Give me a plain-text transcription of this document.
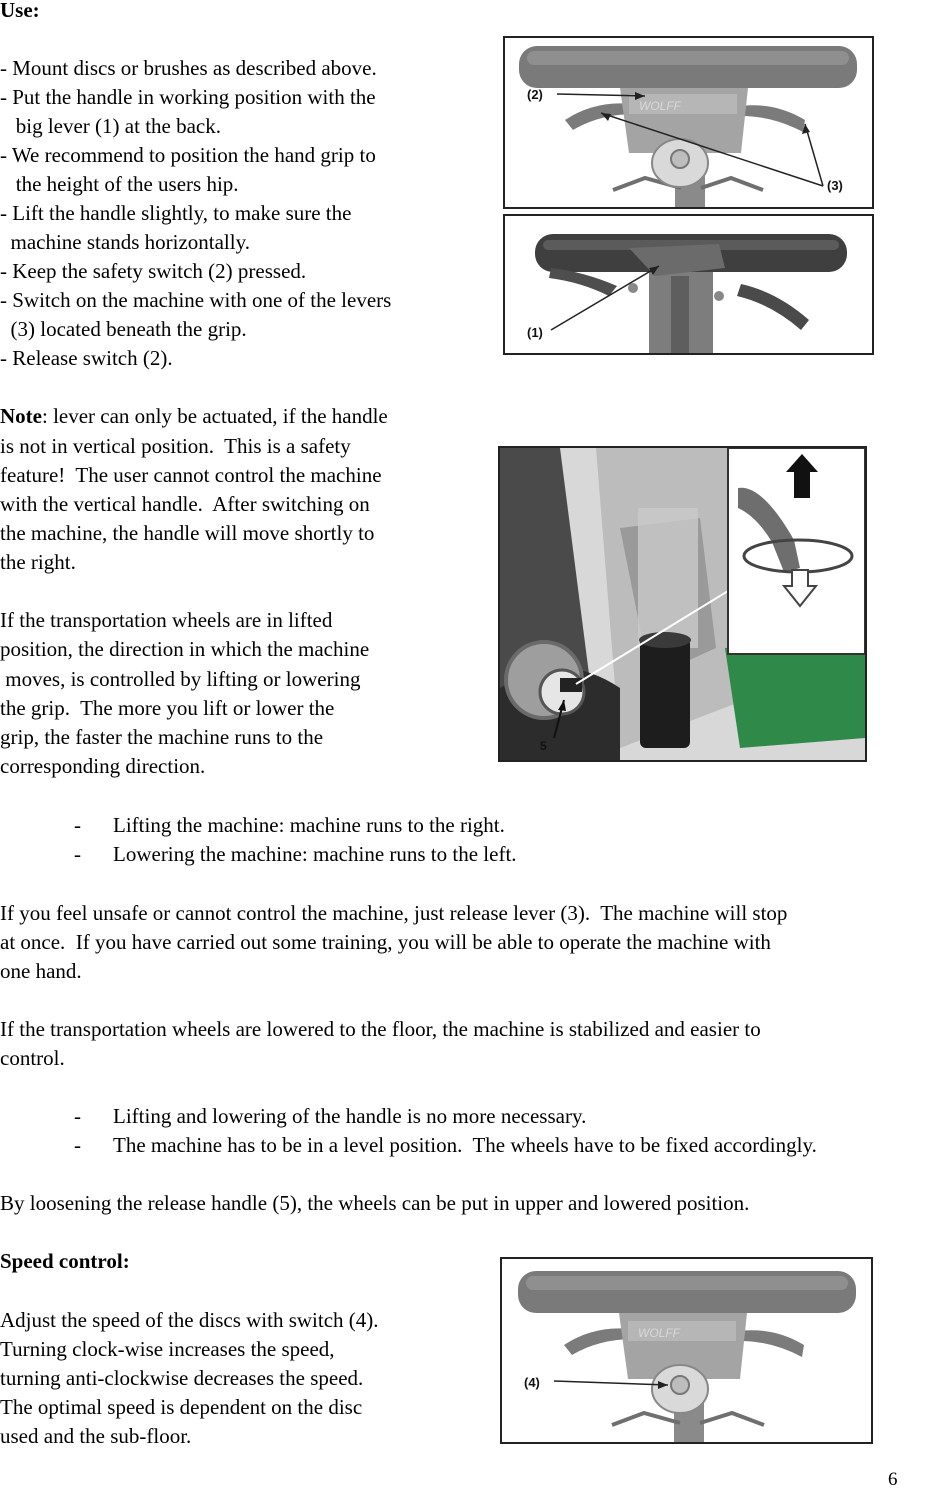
Use:
- Mount discs or brushes as described above.
- Put the handle in working position with the
big lever (1) at the back.
- We recommend to position the hand grip to
the height of the users hip.
- Lift the handle slightly, to make sure the
machine stands horizontally.
- Keep the safety switch (2) pressed.
- Switch on the machine with one of the levers
(3) located beneath the grip.
- Release switch (2).
Note: lever can only be actuated, if the handle
is not in vertical position.  This is a safety
feature!  The user cannot control the machine
with the vertical handle.  After switching on
the machine, the handle will move shortly to
the right.
If the transportation wheels are in lifted
position, the direction in which the machine
moves, is controlled by lifting or lowering
the grip.  The more you lift or lower the
grip, the faster the machine runs to the
corresponding direction.
- Lifting the machine: machine runs to the right.
- Lowering the machine: machine runs to the left.
If you feel unsafe or cannot control the machine, just release lever (3).  The machine will stop
at once.  If you have carried out some training, you will be able to operate the machine with
one hand.
If the transportation wheels are lowered to the floor, the machine is stabilized and easier to
control.
- Lifting and lowering of the handle is no more necessary.
- The machine has to be in a level position.  The wheels have to be fixed accordingly.
By loosening the release handle (5), the wheels can be put in upper and lowered position.
Speed control:
Adjust the speed of the discs with switch (4).
Turning clock-wise increases the speed,
turning anti-clockwise decreases the speed.
The optimal speed is dependent on the disc
used and the sub-floor.
WOLFF
(2)
(3)
(1)
5
WOLFF
(4)
6
